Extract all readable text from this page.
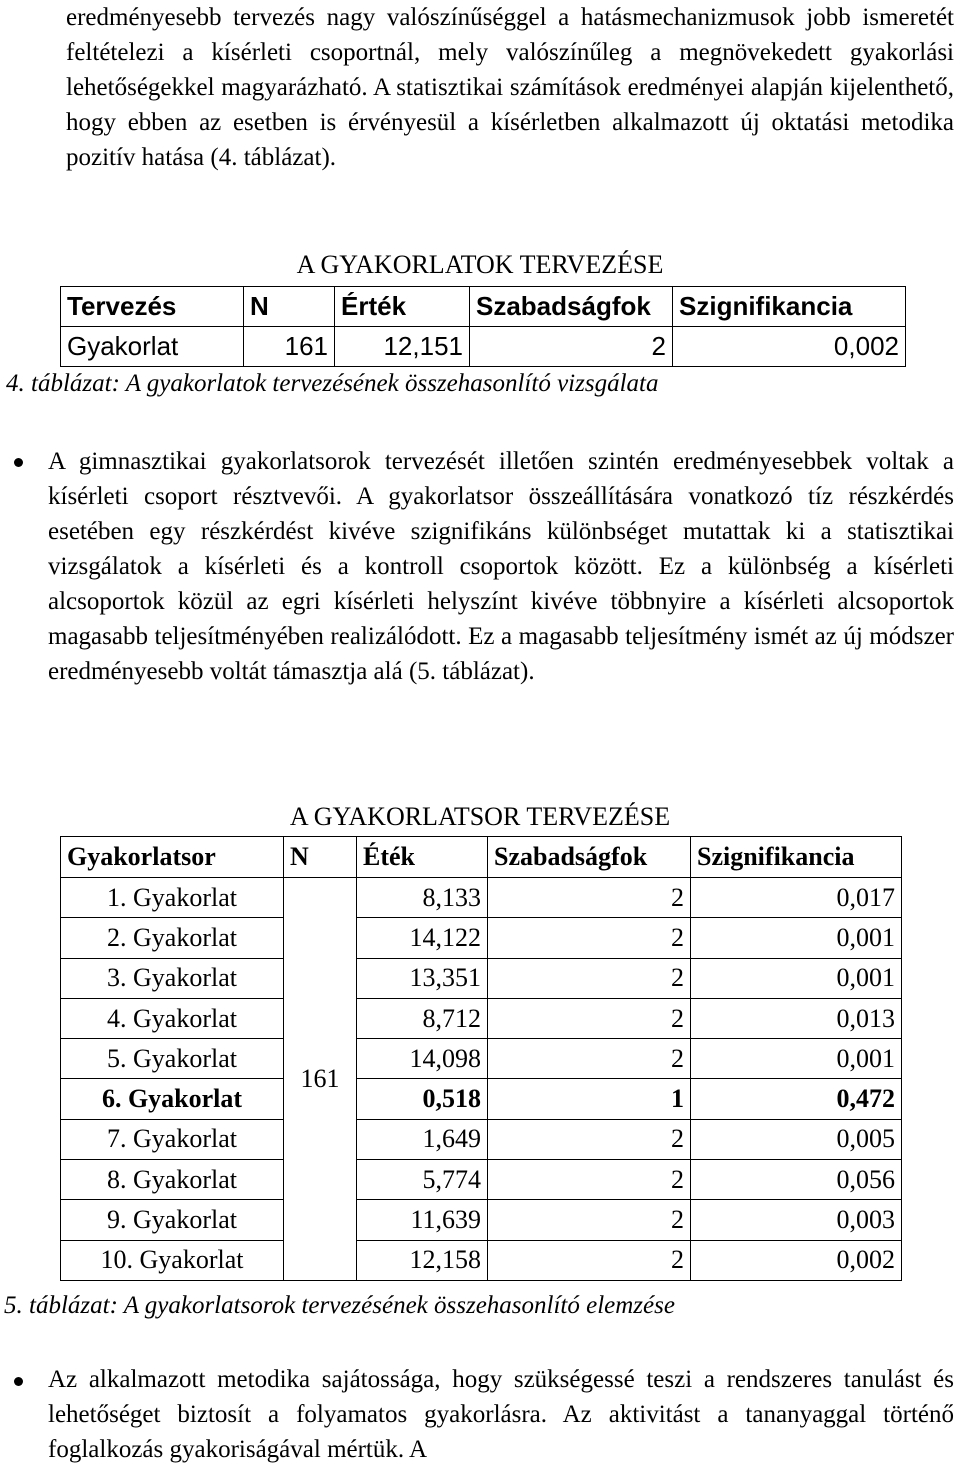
eredményesebb tervezés nagy valószínűséggel a hatásmechanizmusok jobb ismeretét feltételezi a kísérleti csoportnál, mely valószínűleg a megnövekedett gyakorlási lehetőségekkel magyarázható. A statisztikai számítások eredményei alapján kijelenthető, hogy ebben az esetben is érvényesül a kísérletben alkalmazott új oktatási metodika pozitív hatása (4. táblázat).

A GYAKORLATOK TERVEZÉSE

Tervezés	N	Érték	Szabadságfok	Szignifikancia
Gyakorlat	161	12,151	2	0,002

4. táblázat: A gyakorlatok tervezésének összehasonlító vizsgálata

A gimnasztikai gyakorlatsorok tervezését illetően szintén eredményesebbek voltak a kísérleti csoport résztvevői. A gyakorlatsor összeállítására vonatkozó tíz részkérdés esetében egy részkérdést kivéve szignifikáns különbséget mutattak ki a statisztikai vizsgálatok a kísérleti és a kontroll csoportok között. Ez a különbség a kísérleti alcsoportok közül az egri kísérleti helyszínt kivéve többnyire a kísérleti alcsoportok magasabb teljesítményében realizálódott. Ez a magasabb teljesítmény ismét az új módszer eredményesebb voltát támasztja alá (5. táblázat).

A GYAKORLATSOR TERVEZÉSE

Gyakorlatsor	N	Éték	Szabadságfok	Szignifikancia
1. Gyakorlat	161	8,133	2	0,017
2. Gyakorlat		14,122	2	0,001
3. Gyakorlat		13,351	2	0,001
4. Gyakorlat		8,712	2	0,013
5. Gyakorlat		14,098	2	0,001
6. Gyakorlat		0,518	1	0,472
7. Gyakorlat		1,649	2	0,005
8. Gyakorlat		5,774	2	0,056
9. Gyakorlat		11,639	2	0,003
10. Gyakorlat		12,158	2	0,002

5. táblázat: A gyakorlatsorok tervezésének összehasonlító elemzése

Az alkalmazott metodika sajátossága, hogy szükségessé teszi a rendszeres tanulást és lehetőséget biztosít a folyamatos gyakorlásra. Az aktivitást a tananyaggal történő foglalkozás gyakoriságával mértük. A
